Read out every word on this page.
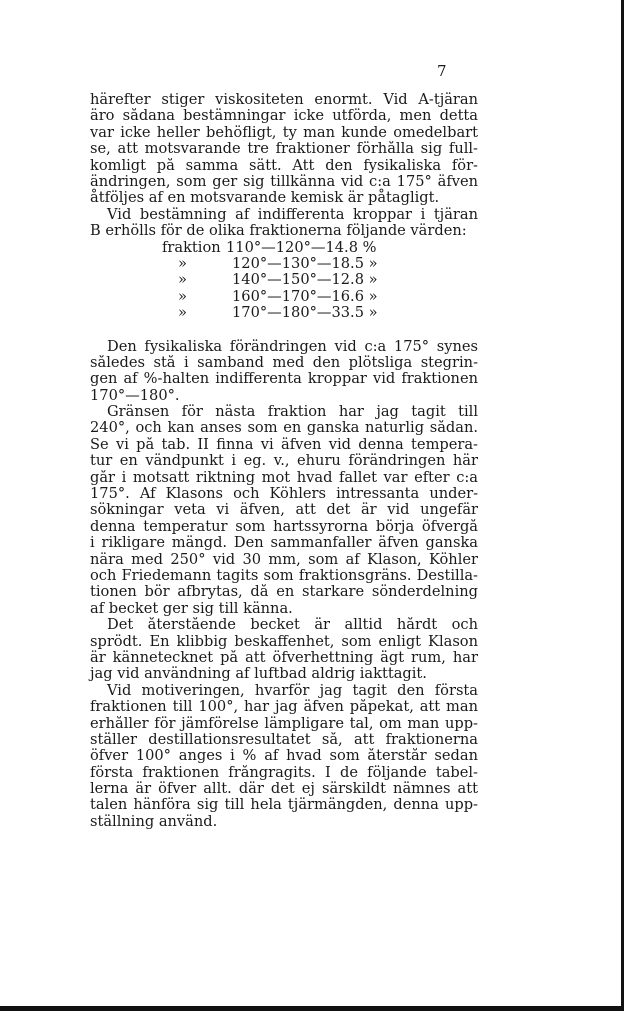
7
härefter stiger viskositeten enormt. Vid A-tjäran
äro sådana bestämningar icke utförda, men detta
var icke heller behöfligt, ty man kunde omedelbart
se, att motsvarande tre fraktioner förhålla sig full-
komligt på samma sätt. Att den fysikaliska för-
ändringen, som ger sig tillkänna vid c:a 175° äfven
åtföljes af en motsvarande kemisk är påtagligt.
Vid bestämning af indifferenta kroppar i tjäran
B erhölls för de olika fraktionerna följande värden:
fraktion 110°—120°—14.8 %
»	120°—130°—18.5 »
»	140°—150°—12.8 »
»	160°—170°—16.6 »
»	170°—180°—33.5 »
Den fysikaliska förändringen vid c:a 175° synes
således stå i samband med den plötsliga stegrin-
gen af %-halten indifferenta kroppar vid fraktionen
170°—180°.
Gränsen för nästa fraktion har jag tagit till
240°, och kan anses som en ganska naturlig sådan.
Se vi på tab. II finna vi äfven vid denna tempera-
tur en vändpunkt i eg. v., ehuru förändringen här
går i motsatt riktning mot hvad fallet var efter c:a
175°. Af Klasons och Köhlers intressanta under-
sökningar veta vi äfven, att det är vid ungefär
denna temperatur som hartssyrorna börja öfvergå
i rikligare mängd. Den sammanfaller äfven ganska
nära med 250° vid 30 mm, som af Klason, Köhler
och Friedemann tagits som fraktionsgräns. Destilla-
tionen bör afbrytas, då en starkare sönderdelning
af becket ger sig till känna.
Det återstående becket är alltid hårdt och
sprödt. En klibbig beskaffenhet, som enligt Klason
är kännetecknet på att öfverhettning ägt rum, har
jag vid användning af luftbad aldrig iakttagit.
Vid motiveringen, hvarför jag tagit den första
fraktionen till 100°, har jag äfven påpekat, att man
erhåller för jämförelse lämpligare tal, om man upp-
ställer destillationsresultatet så, att fraktionerna
öfver 100° anges i % af hvad som återstår sedan
första fraktionen frångragits. I de följande tabel-
lerna är öfver allt. där det ej särskildt nämnes att
talen hänföra sig till hela tjärmängden, denna upp-
ställning använd.
